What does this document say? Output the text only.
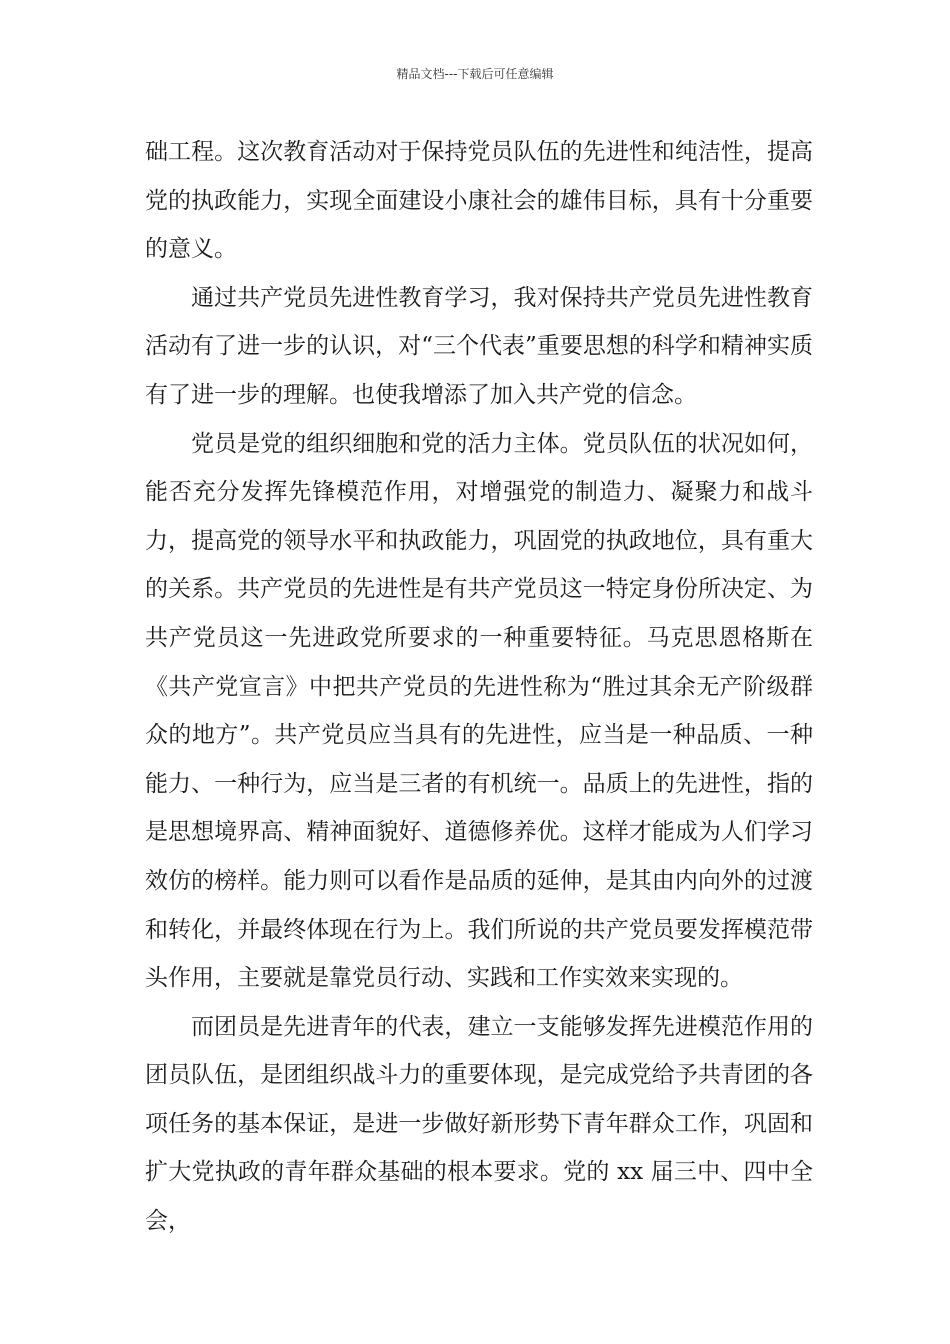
精品文档---下载后可任意编辑

础工程。这次教育活动对于保持党员队伍的先进性和纯洁性，提高党的执政能力，实现全面建设小康社会的雄伟目标，具有十分重要的意义。

通过共产党员先进性教育学习，我对保持共产党员先进性教育活动有了进一步的认识，对“三个代表”重要思想的科学和精神实质有了进一步的理解。也使我增添了加入共产党的信念。

党员是党的组织细胞和党的活力主体。党员队伍的状况如何，能否充分发挥先锋模范作用，对增强党的制造力、凝聚力和战斗力，提高党的领导水平和执政能力，巩固党的执政地位，具有重大的关系。共产党员的先进性是有共产党员这一特定身份所决定、为共产党员这一先进政党所要求的一种重要特征。马克思恩格斯在《共产党宣言》中把共产党员的先进性称为“胜过其余无产阶级群众的地方”。共产党员应当具有的先进性，应当是一种品质、一种能力、一种行为，应当是三者的有机统一。品质上的先进性，指的是思想境界高、精神面貌好、道德修养优。这样才能成为人们学习效仿的榜样。能力则可以看作是品质的延伸，是其由内向外的过渡和转化，并最终体现在行为上。我们所说的共产党员要发挥模范带头作用，主要就是靠党员行动、实践和工作实效来实现的。

而团员是先进青年的代表，建立一支能够发挥先进模范作用的团员队伍，是团组织战斗力的重要体现，是完成党给予共青团的各项任务的基本保证，是进一步做好新形势下青年群众工作，巩固和扩大党执政的青年群众基础的根本要求。党的 xx 届三中、四中全会，
